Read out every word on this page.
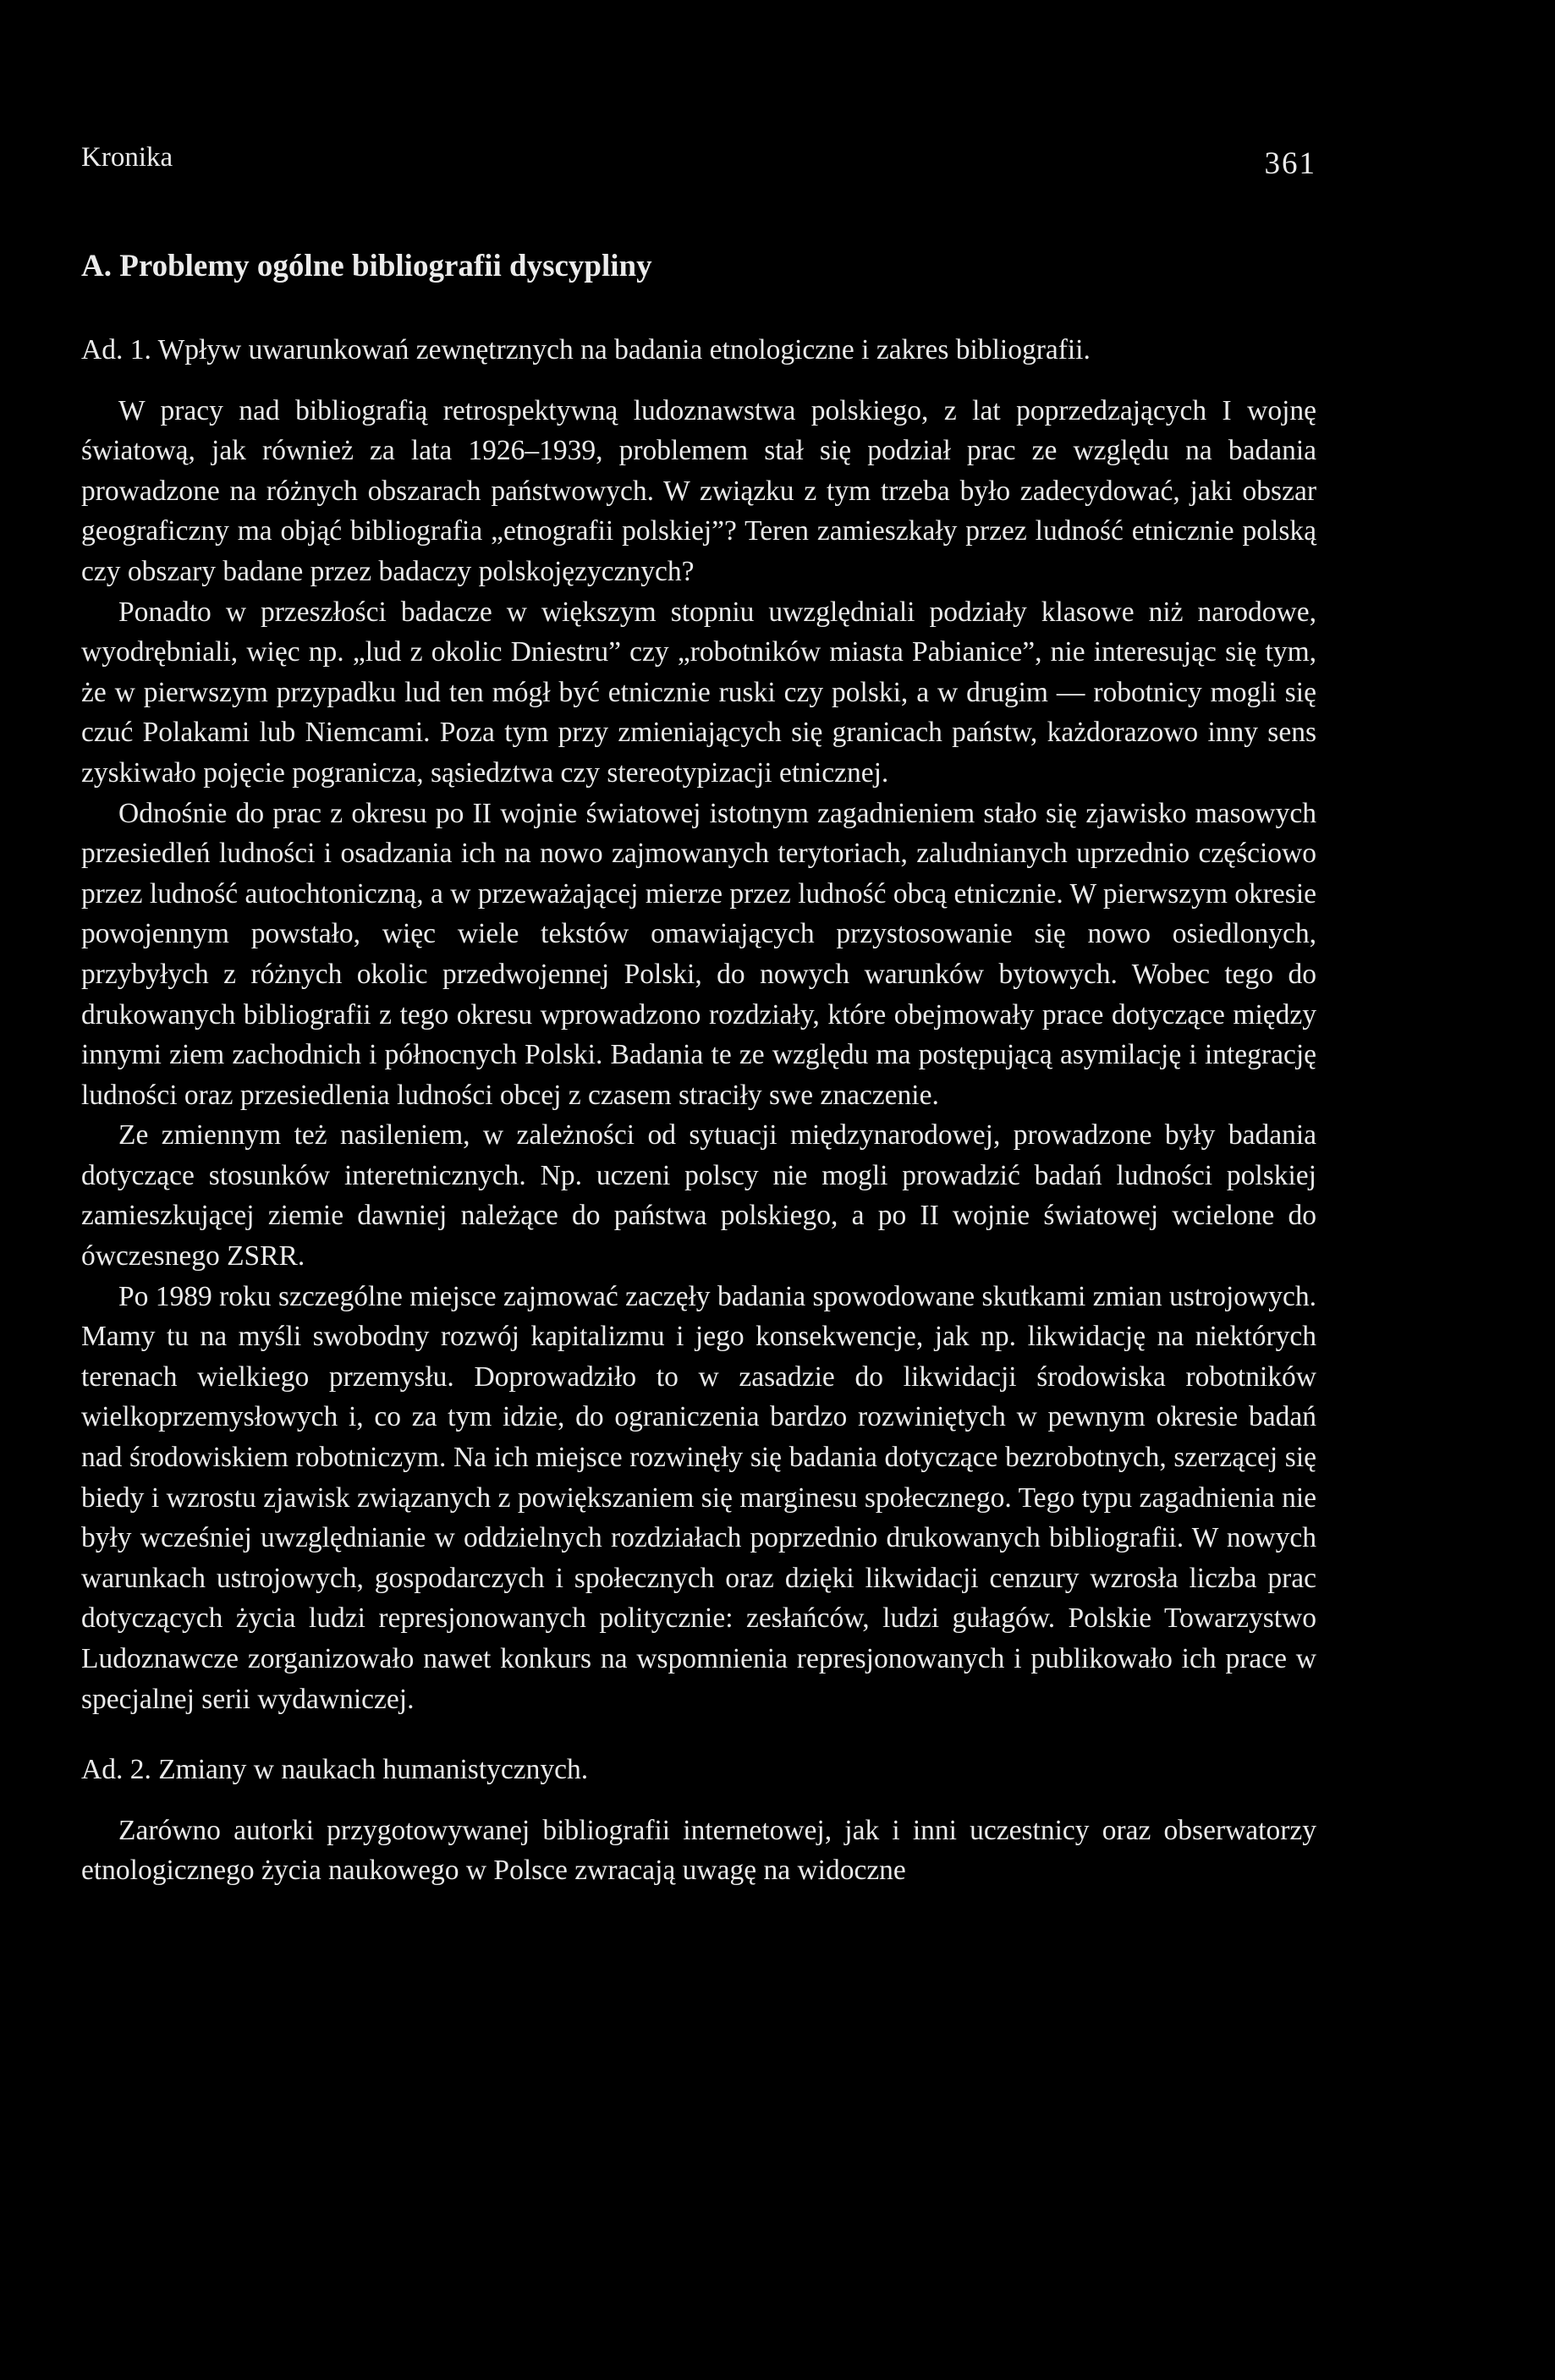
Kronika	361
A. Problemy ogólne bibliografii dyscypliny

Ad. 1. Wpływ uwarunkowań zewnętrznych na badania etnologiczne i zakres bibliografii.

W pracy nad bibliografią retrospektywną ludoznawstwa polskiego, z lat poprzedzających I wojnę światową, jak również za lata 1926–1939, problemem stał się podział prac ze względu na badania prowadzone na różnych obszarach państwowych. W związku z tym trzeba było zadecydować, jaki obszar geograficzny ma objąć bibliografia „etnografii polskiej”? Teren zamieszkały przez ludność etnicznie polską czy obszary badane przez badaczy polskojęzycznych?

Ponadto w przeszłości badacze w większym stopniu uwzględniali podziały klasowe niż narodowe, wyodrębniali, więc np. „lud z okolic Dniestru” czy „robotników miasta Pabianice”, nie interesując się tym, że w pierwszym przypadku lud ten mógł być etnicznie ruski czy polski, a w drugim — robotnicy mogli się czuć Polakami lub Niemcami. Poza tym przy zmieniających się granicach państw, każdorazowo inny sens zyskiwało pojęcie pogranicza, sąsiedztwa czy stereotypizacji etnicznej.

Odnośnie do prac z okresu po II wojnie światowej istotnym zagadnieniem stało się zjawisko masowych przesiedleń ludności i osadzania ich na nowo zajmowanych terytoriach, zaludnianych uprzednio częściowo przez ludność autochtoniczną, a w przeważającej mierze przez ludność obcą etnicznie. W pierwszym okresie powojennym powstało, więc wiele tekstów omawiających przystosowanie się nowo osiedlonych, przybyłych z różnych okolic przedwojennej Polski, do nowych warunków bytowych. Wobec tego do drukowanych bibliografii z tego okresu wprowadzono rozdziały, które obejmowały prace dotyczące między innymi ziem zachodnich i północnych Polski. Badania te ze względu ma postępującą asymilację i integrację ludności oraz przesiedlenia ludności obcej z czasem straciły swe znaczenie.

Ze zmiennym też nasileniem, w zależności od sytuacji międzynarodowej, prowadzone były badania dotyczące stosunków interetnicznych. Np. uczeni polscy nie mogli prowadzić badań ludności polskiej zamieszkującej ziemie dawniej należące do państwa polskiego, a po II wojnie światowej wcielone do ówczesnego ZSRR.

Po 1989 roku szczególne miejsce zajmować zaczęły badania spowodowane skutkami zmian ustrojowych. Mamy tu na myśli swobodny rozwój kapitalizmu i jego konsekwencje, jak np. likwidację na niektórych terenach wielkiego przemysłu. Doprowadziło to w zasadzie do likwidacji środowiska robotników wielkoprzemysłowych i, co za tym idzie, do ograniczenia bardzo rozwiniętych w pewnym okresie badań nad środowiskiem robotniczym. Na ich miejsce rozwinęły się badania dotyczące bezrobotnych, szerzącej się biedy i wzrostu zjawisk związanych z powiększaniem się marginesu społecznego. Tego typu zagadnienia nie były wcześniej uwzględnianie w oddzielnych rozdziałach poprzednio drukowanych bibliografii. W nowych warunkach ustrojowych, gospodarczych i społecznych oraz dzięki likwidacji cenzury wzrosła liczba prac dotyczących życia ludzi represjonowanych politycznie: zesłańców, ludzi gułagów. Polskie Towarzystwo Ludoznawcze zorganizowało nawet konkurs na wspomnienia represjonowanych i publikowało ich prace w specjalnej serii wydawniczej.

Ad. 2. Zmiany w naukach humanistycznych.

Zarówno autorki przygotowywanej bibliografii internetowej, jak i inni uczestnicy oraz obserwatorzy etnologicznego życia naukowego w Polsce zwracają uwagę na widoczne
